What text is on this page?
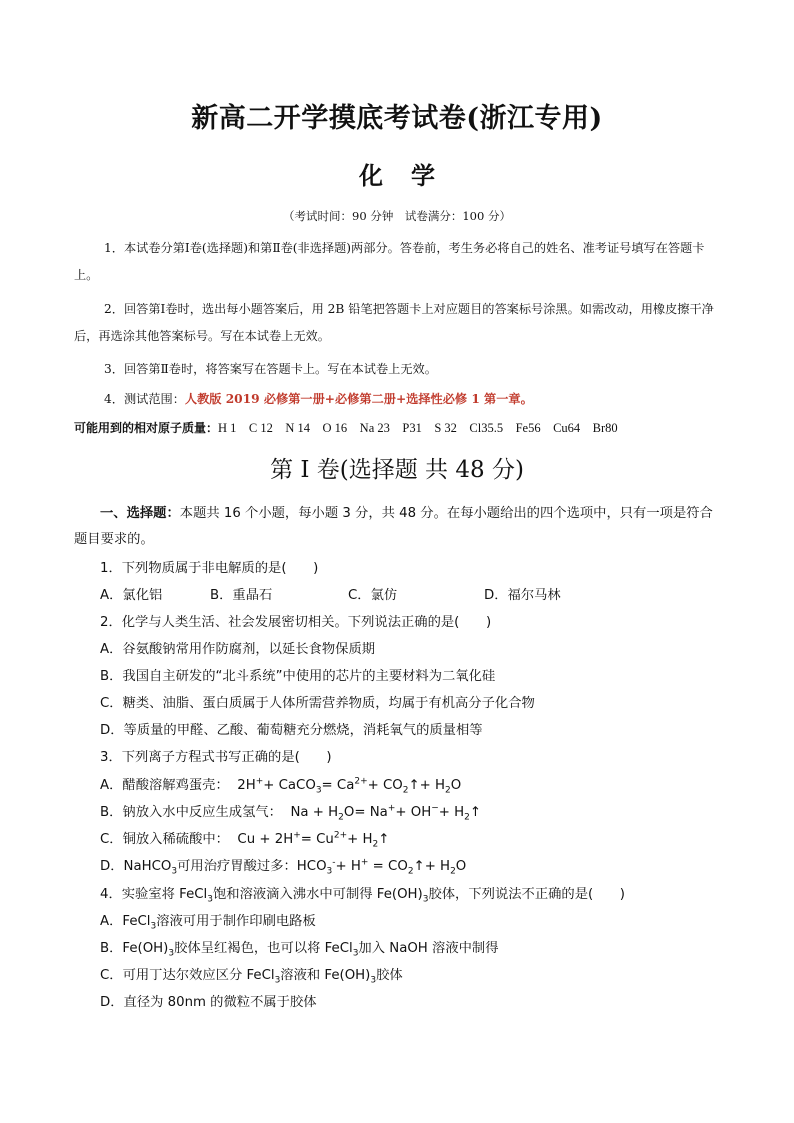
新高二开学摸底考试卷(浙江专用)
化 学
（考试时间：90 分钟　试卷满分：100 分）
1．本试卷分第Ⅰ卷(选择题)和第Ⅱ卷(非选择题)两部分。答卷前，考生务必将自己的姓名、准考证号填写在答题卡上。
2．回答第Ⅰ卷时，选出每小题答案后，用 2B 铅笔把答题卡上对应题目的答案标号涂黑。如需改动，用橡皮擦干净后，再选涂其他答案标号。写在本试卷上无效。
3．回答第Ⅱ卷时，将答案写在答题卡上。写在本试卷上无效。
4．测试范围：人教版 2019 必修第一册+必修第二册+选择性必修 1 第一章。
可能用到的相对原子质量：H 1　C 12　N 14　O 16　Na 23　P31　S 32　Cl35.5　Fe56　Cu64　Br80
第 I 卷(选择题 共 48 分)
一、选择题：本题共 16 个小题，每小题 3 分，共 48 分。在每小题给出的四个选项中，只有一项是符合题目要求的。
1．下列物质属于非电解质的是(　　)
A．氯化铝	B．重晶石	C．氯仿	D．福尔马林
2．化学与人类生活、社会发展密切相关。下列说法正确的是(　　)
A．谷氨酸钠常用作防腐剂，以延长食物保质期
B．我国自主研发的“北斗系统”中使用的芯片的主要材料为二氧化硅
C．糖类、油脂、蛋白质属于人体所需营养物质，均属于有机高分子化合物
D．等质量的甲醛、乙酸、葡萄糖充分燃烧，消耗氧气的质量相等
3．下列离子方程式书写正确的是(　　)
A．醋酸溶解鸡蛋壳：  2H++ CaCO$_3$= $Ca^{2+}+$ $CO_2↑+ H_2O$
B．钠放入水中反应生成氢气：  $Na + H_2O= Na^++ OH^-+$ $H_2↑$
C．铜放入稀硫酸中：  $Cu + 2H^+= Cu^{2+}+$ $H_2↑$
D．NaHCO$_3$可用治疗胃酸过多：$HCO_3^-+ H^+$ = $CO_2↑+ H_2O$
4．实验室将 FeCl$_3$饱和溶液滴入沸水中可制得 $Fe(OH)_3$胶体，下列说法不正确的是(　　)
A．FeCl$_3$溶液可用于制作印刷电路板
B．$Fe(OH)_3$胶体呈红褐色，也可以将 FeCl$_3$加入 NaOH 溶液中制得
C．可用丁达尔效应区分 FeCl$_3$溶液和 $Fe(OH)_3$胶体
D．直径为 80nm 的微粒不属于胶体
